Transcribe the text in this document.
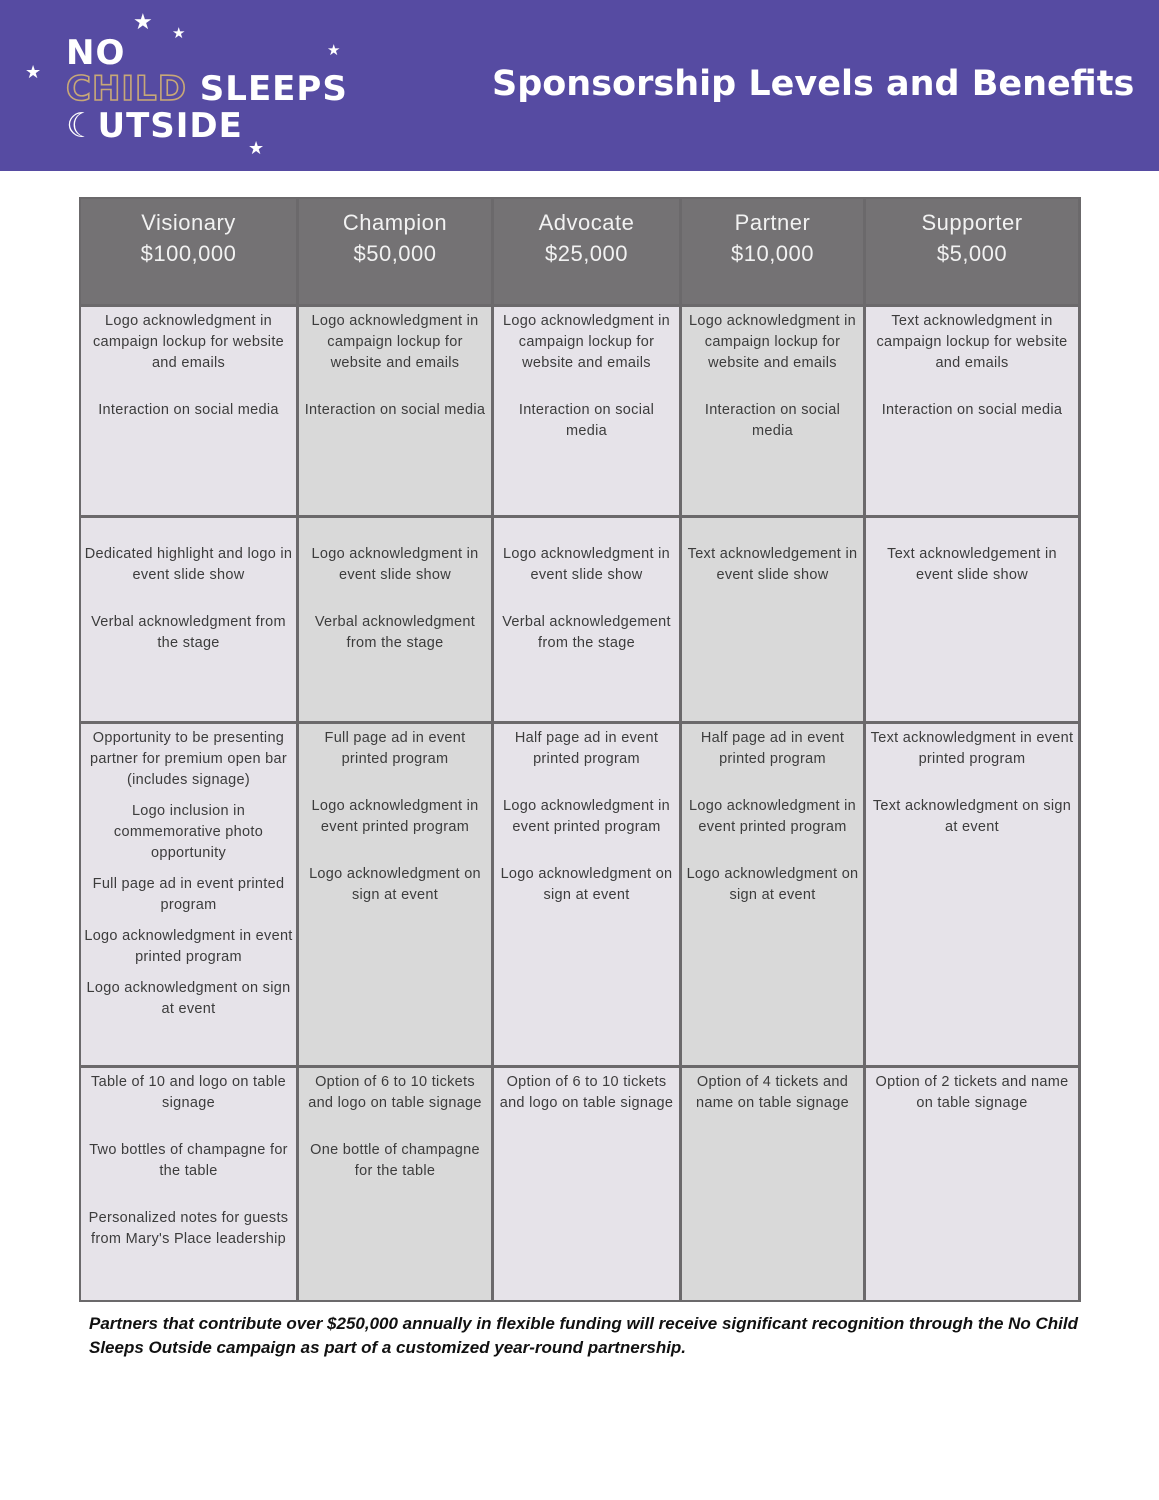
NO
CHILD SLEEPS
☾UTSIDE
★ ★
★
★
★
Sponsorship Levels and Benefits

Visionary

$100,000

Champion

$50,000

Advocate

$25,000

Partner

$10,000

Supporter

$5,000

Logo acknowledgment in campaign lockup for website and emails

Interaction on social media

Logo acknowledgment in campaign lockup for website and emails

Interaction on social media

Logo acknowledgment in campaign lockup for website and emails

Interaction on social media

Logo acknowledgment in campaign lockup for website and emails

Interaction on social media

Text acknowledgment in campaign lockup for website and emails

Interaction on social media

Dedicated highlight and logo in event slide show

Verbal acknowledgment from the stage

Logo acknowledgment in event slide show

Verbal acknowledgment from the stage

Logo acknowledgment in event slide show

Verbal acknowledgement from the stage

Text acknowledgement in event slide show

Text acknowledgement in event slide show

Opportunity to be presenting partner for premium open bar (includes signage)

Logo inclusion in commemorative photo opportunity

Full page ad in event printed program

Logo acknowledgment in event printed program

Logo acknowledgment on sign at event

Full page ad in event printed program

Logo acknowledgment in event printed program

Logo acknowledgment on sign at event

Half page ad in event printed program

Logo acknowledgment in event printed program

Logo acknowledgment on sign at event

Half page ad in event printed program

Logo acknowledgment in event printed program

Logo acknowledgment on sign at event

Text acknowledgment in event printed program

Text acknowledgment on sign at event

Table of 10 and logo on table signage

Two bottles of champagne for the table

Personalized notes for guests from Mary's Place leadership

Option of 6 to 10 tickets and logo on table signage

One bottle of champagne for the table

Option of 6 to 10 tickets and logo on table signage

Option of 4 tickets and name on table signage

Option of 2 tickets and name on table signage

Partners that contribute over $250,000 annually in flexible funding will receive significant recognition through the No Child Sleeps Outside campaign as part of a customized year-round partnership.
